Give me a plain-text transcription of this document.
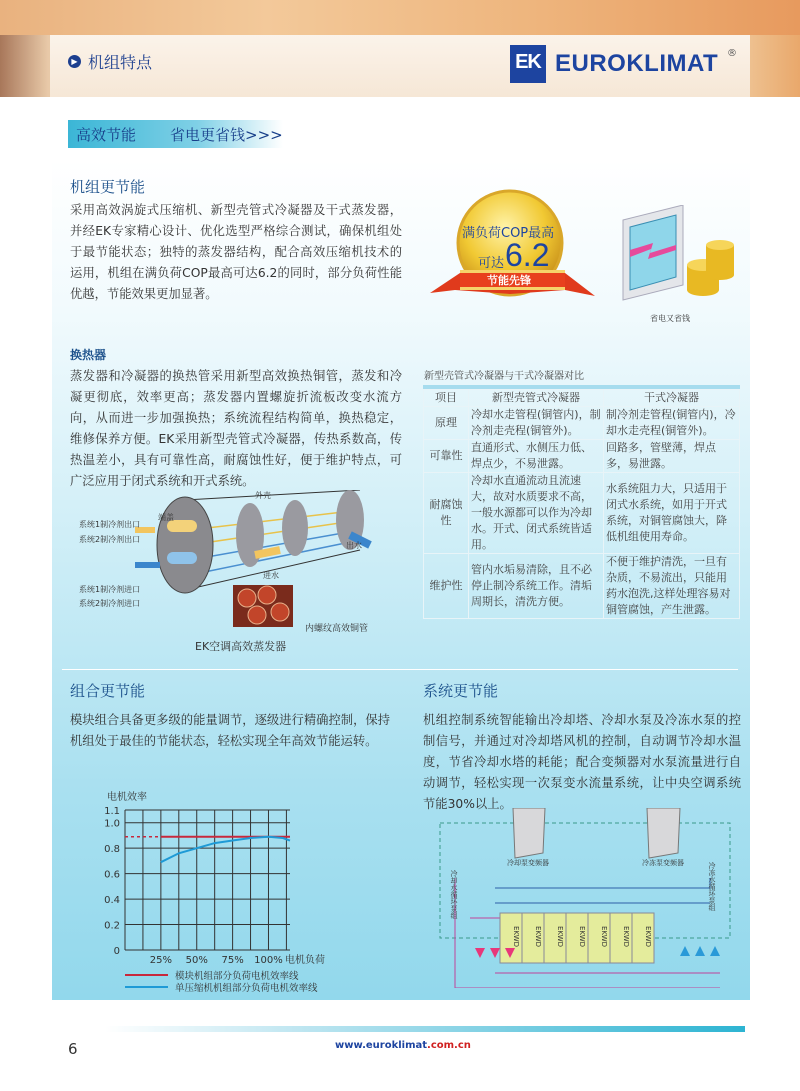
▶ 机组特点	EK EUROKLIMAT ®
高效节能 省电更省钱>>>
机组更节能
采用高效涡旋式压缩机、新型壳管式冷凝器及干式蒸发器，并经EK专家精心设计、优化选型严格综合测试，确保机组处于最节能状态；独特的蒸发器结构，配合高效压缩机技术的运用，机组在满负荷COP最高可达6.2的同时，部分负荷性能优越，节能效果更加显著。
满负荷COP最高
可达 6.2
节能先锋
省电又省钱
换热器
蒸发器和冷凝器的换热管采用新型高效换热铜管，蒸发和冷凝更彻底，效率更高；蒸发器内置螺旋折流板改变水流方向，从而进一步加强换热；系统流程结构简单，换热稳定，维修保养方便。EK采用新型壳管式冷凝器，传热系数高，传热温差小，具有可靠性高，耐腐蚀性好，便于维护特点，可广泛应用于闭式系统和开式系统。
端盖
外壳
系统1制冷剂出口
系统2制冷剂出口
系统1制冷剂进口
系统2制冷剂进口
进水
出水
内螺纹高效铜管
EK空调高效蒸发器
新型壳管式冷凝器与干式冷凝器对比
项目	新型壳管式冷凝器	干式冷凝器
原理	冷却水走管程(铜管内)，制冷剂走壳程(铜管外)。	制冷剂走管程(铜管内)，冷却水走壳程(铜管外)。
可靠性	直通形式、水侧压力低、焊点少，不易泄露。	回路多，管壁薄，焊点多，易泄露。
耐腐蚀性	冷却水直通流动且流速大，故对水质要求不高，一般水源都可以作为冷却水。开式、闭式系统皆适用。	水系统阻力大，只适用于闭式水系统，如用于开式系统，对铜管腐蚀大，降低机组使用寿命。
维护性	管内水垢易清除，且不必停止制冷系统工作。清垢周期长，清洗方便。	不便于维护清洗，一旦有杂质，不易流出，只能用药水泡洗,这样处理容易对铜管腐蚀，产生泄露。
组合更节能
模块组合具备更多级的能量调节，逐级进行精确控制，保持机组处于最佳的节能状态，轻松实现全年高效节能运转。
电机效率
0
0.2
0.4
0.6
0.8
1.0
1.1
25% 50% 75% 100% 电机负荷
模块机组部分负荷电机效率线
单压缩机机组部分负荷电机效率线
系统更节能
机组控制系统智能输出冷却塔、冷却水泵及冷冻水泵的控制信号，并通过对冷却塔风机的控制，自动调节冷却水温度，节省冷却水塔的耗能；配合变频器对水泵流量进行自动调节，轻松实现一次泵变水流量系统，让中央空调系统节能30%以上。
EKWD EKWD EKWD EKWD EKWD EKWD EKWD
冷却泵变频器	冷冻泵变频器
冷却水循环泵组	冷冻水循环泵组
6	www.euroklimat.com.cn
